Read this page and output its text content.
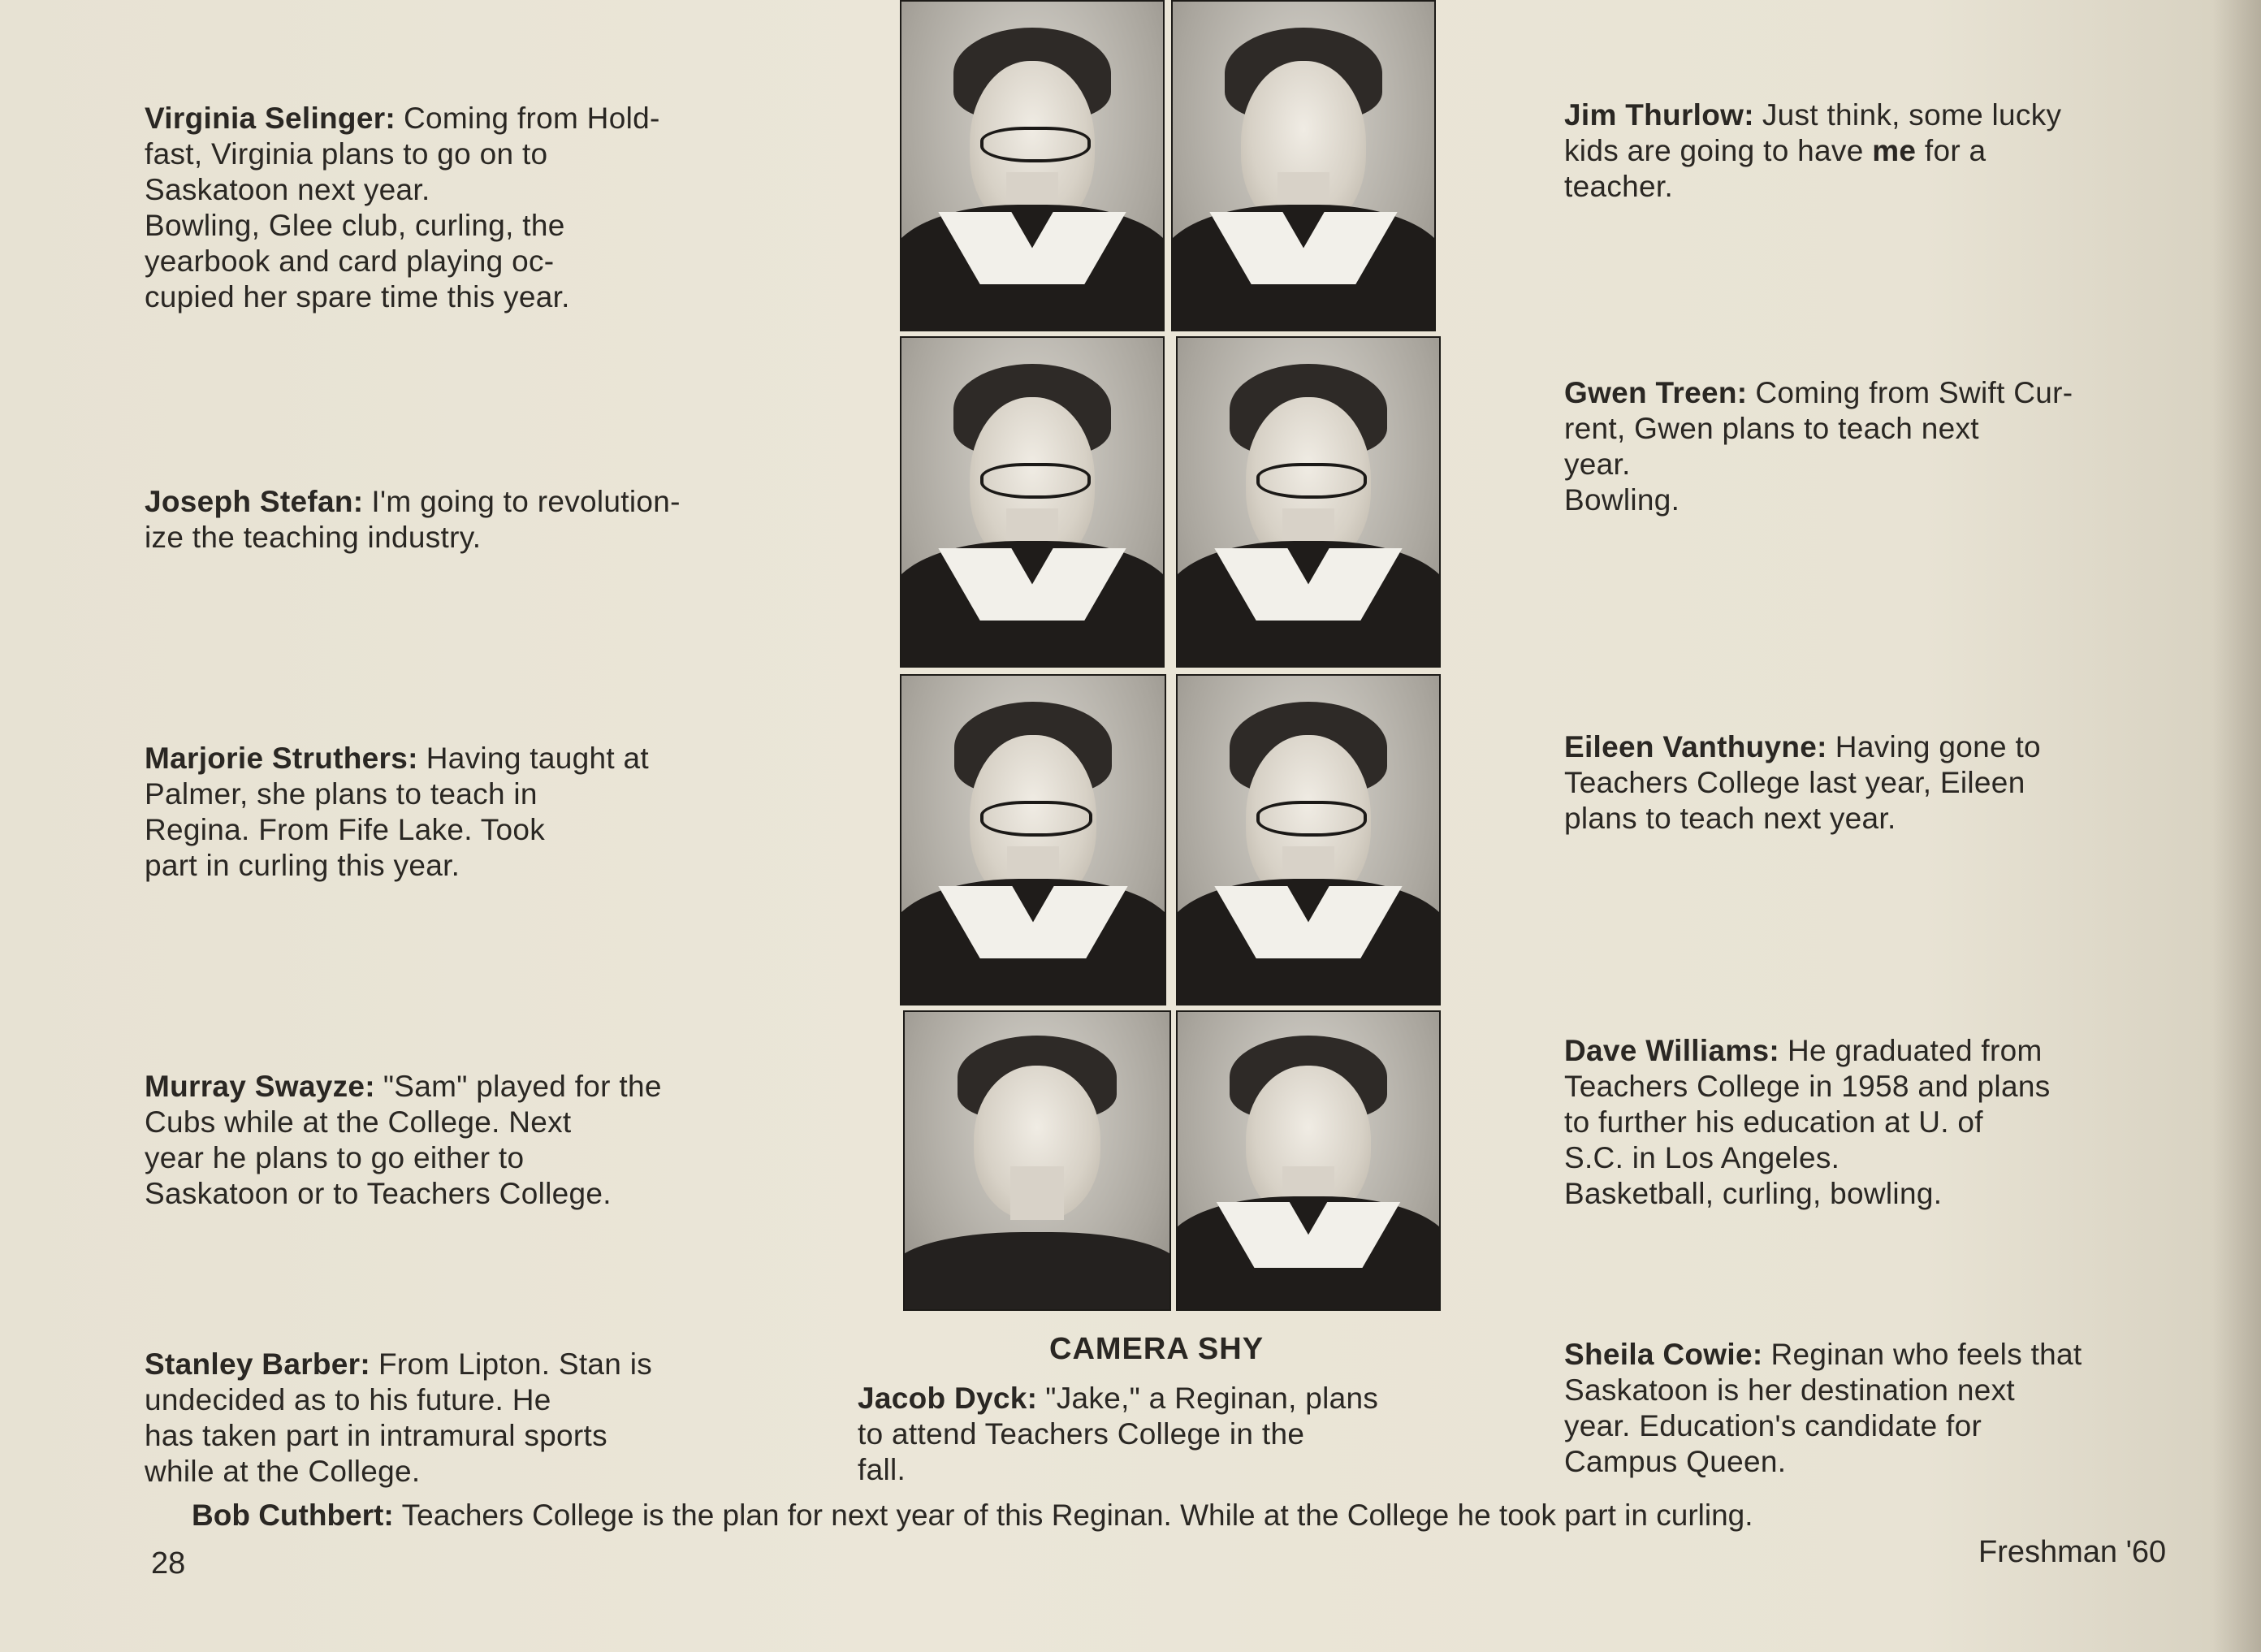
Virginia Selinger: Coming from Hold-
fast, Virginia plans to go on to
Saskatoon next year.
Bowling, Glee club, curling, the
yearbook and card playing oc-
cupied her spare time this year.
Joseph Stefan: I'm going to revolution-
ize the teaching industry.
Marjorie Struthers: Having taught at
Palmer, she plans to teach in
Regina. From Fife Lake. Took
part in curling this year.
Murray Swayze: "Sam" played for the
Cubs while at the College. Next
year he plans to go either to
Saskatoon or to Teachers College.
Stanley Barber: From Lipton. Stan is
undecided as to his future. He
has taken part in intramural sports
while at the College.
CAMERA SHY
Jacob Dyck: "Jake," a Reginan, plans
to attend Teachers College in the
fall.
Jim Thurlow: Just think, some lucky
kids are going to have me for a
teacher.
Gwen Treen: Coming from Swift Cur-
rent, Gwen plans to teach next
year.
Bowling.
Eileen Vanthuyne: Having gone to
Teachers College last year, Eileen
plans to teach next year.
Dave Williams: He graduated from
Teachers College in 1958 and plans
to further his education at U. of
S.C. in Los Angeles.
Basketball, curling, bowling.
Sheila Cowie: Reginan who feels that
Saskatoon is her destination next
year. Education's candidate for
Campus Queen.
Bob Cuthbert: Teachers College is the plan for next year of this Reginan. While at the College he took part in curling.
28	Freshman '60
